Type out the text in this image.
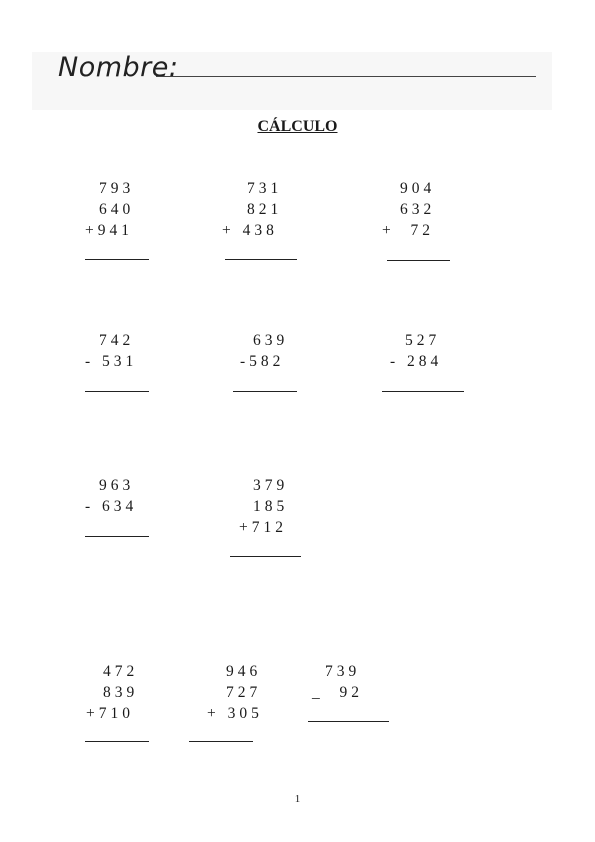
Nombre:
CÁLCULO
793
640
+941
731
821
+ 438
904
632
+  72
742
- 531
639
-582
527
- 284
963
- 634
379
185
+712
472
839
+710
946
727
+ 305
739
_  92
1
